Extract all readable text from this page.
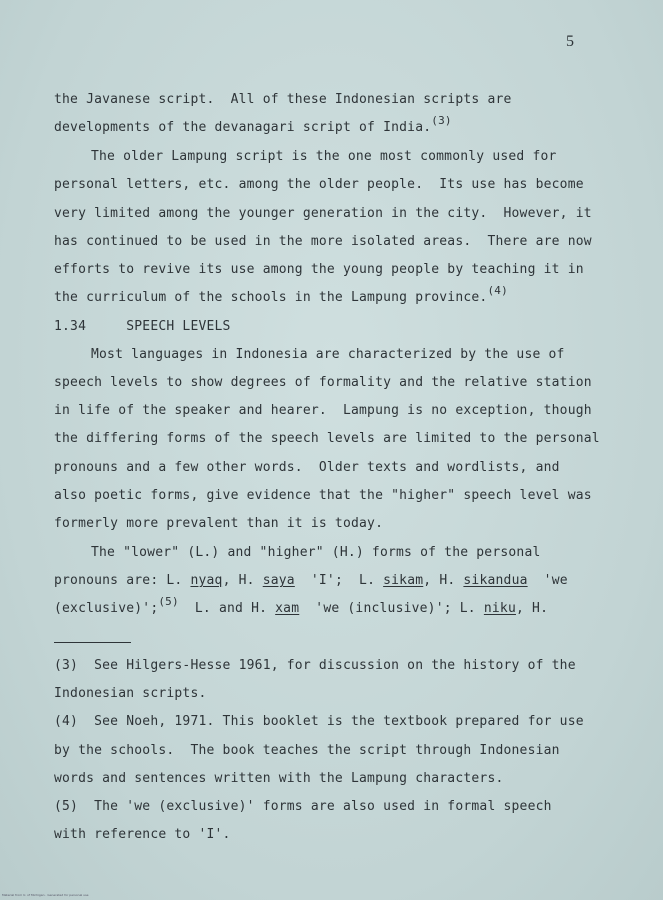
5
the Javanese script.  All of these Indonesian scripts are
developments of the devanagari script of India.$^{(3)}$
The older Lampung script is the one most commonly used for
personal letters, etc. among the older people.  Its use has become
very limited among the younger generation in the city.  However, it
has continued to be used in the more isolated areas.  There are now
efforts to revive its use among the young people by teaching it in
the curriculum of the schools in the Lampung province.$^{(4)}$
1.34     SPEECH LEVELS
Most languages in Indonesia are characterized by the use of
speech levels to show degrees of formality and the relative station
in life of the speaker and hearer.  Lampung is no exception, though
the differing forms of the speech levels are limited to the personal
pronouns and a few other words.  Older texts and wordlists, and
also poetic forms, give evidence that the "higher" speech level was
formerly more prevalent than it is today.
The "lower" (L.) and "higher" (H.) forms of the personal
pronouns are: L. nyaq, H. saya  'I';  L. sikam, H. sikandua  'we
(exclusive)';$^{(5)}$  L. and H. xam  'we (inclusive)'; L. niku, H.
(3)  See Hilgers-Hesse 1961, for discussion on the history of the
Indonesian scripts.
(4)  See Noeh, 1971. This booklet is the textbook prepared for use
by the schools.  The book teaches the script through Indonesian
words and sentences written with the Lampung characters.
(5)  The 'we (exclusive)' forms are also used in formal speech
with reference to 'I'.
Material from U. of Michigan · Generated for personal use
